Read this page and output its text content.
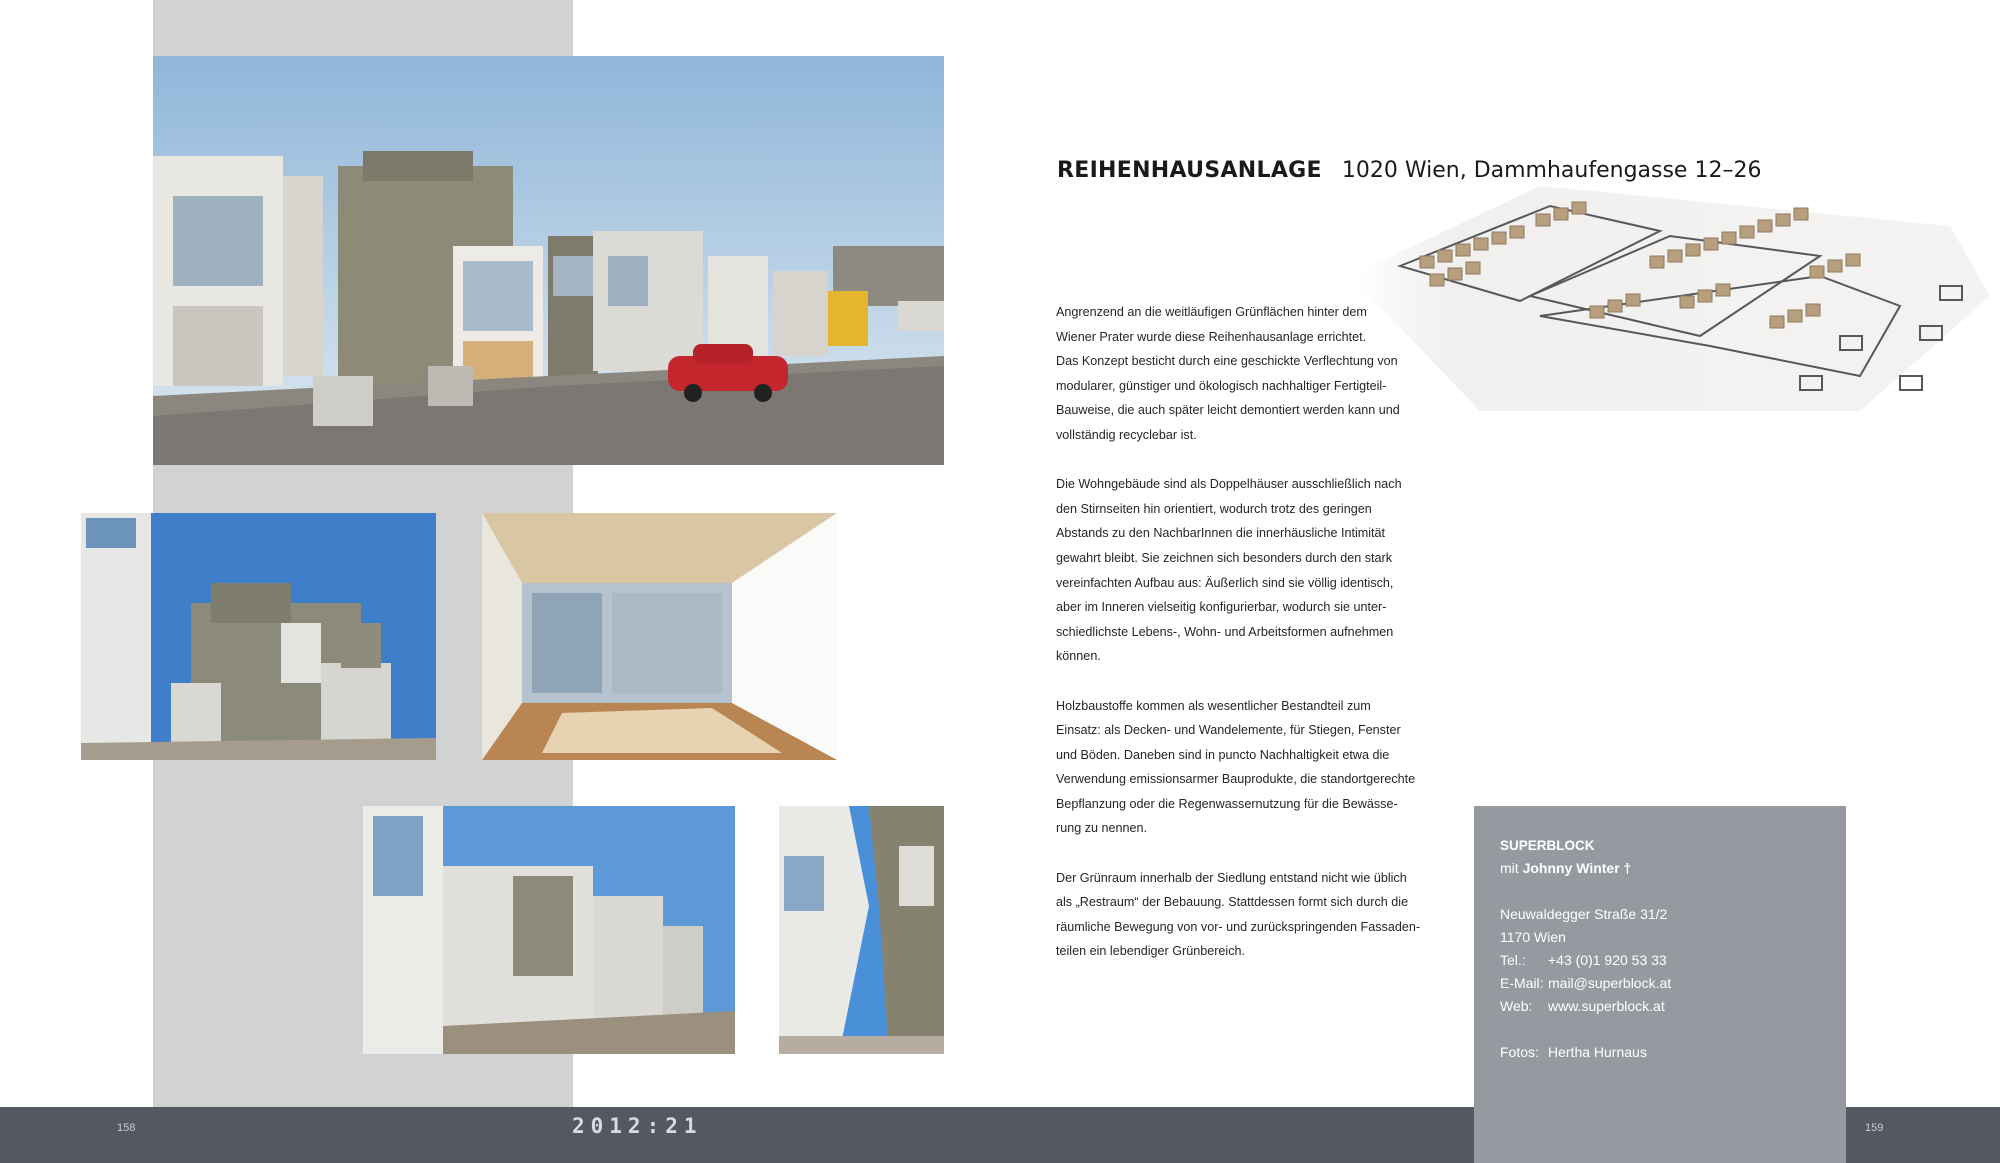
REIHENHAUSANLAGE 1020 Wien, Dammhaufengasse 12–26

Angrenzend an die weitläufigen Grünflächen hinter dem
Wiener Prater wurde diese Reihenhausanlage errichtet.
Das Konzept besticht durch eine geschickte Verflechtung von
modularer, günstiger und ökologisch nachhaltiger Fertigteil-
Bauweise, die auch später leicht demontiert werden kann und
vollständig recyclebar ist.

Die Wohngebäude sind als Doppelhäuser ausschließlich nach
den Stirnseiten hin orientiert, wodurch trotz des geringen
Abstands zu den NachbarInnen die innerhäusliche Intimität
gewahrt bleibt. Sie zeichnen sich besonders durch den stark
vereinfachten Aufbau aus: Äußerlich sind sie völlig identisch,
aber im Inneren vielseitig konfigurierbar, wodurch sie unter-
schiedlichste Lebens-, Wohn- und Arbeitsformen aufnehmen
können.

Holzbaustoffe kommen als wesentlicher Bestandteil zum
Einsatz: als Decken- und Wandelemente, für Stiegen, Fenster
und Böden. Daneben sind in puncto Nachhaltigkeit etwa die
Verwendung emissionsarmer Bauprodukte, die standortgerechte
Bepflanzung oder die Regenwassernutzung für die Bewässe-
rung zu nennen.

Der Grünraum innerhalb der Siedlung entstand nicht wie üblich
als „Restraum“ der Bebauung. Stattdessen formt sich durch die
räumliche Bewegung von vor- und zurückspringenden Fassaden-
teilen ein lebendiger Grünbereich.

158	2012:21	159
SUPERBLOCK
mit Johnny Winter †
Neuwaldegger Straße 31/2
1170 Wien
Tel.: +43 (0)1 920 53 33
E-Mail: mail@superblock.at
Web: www.superblock.at
Fotos: Hertha Hurnaus
